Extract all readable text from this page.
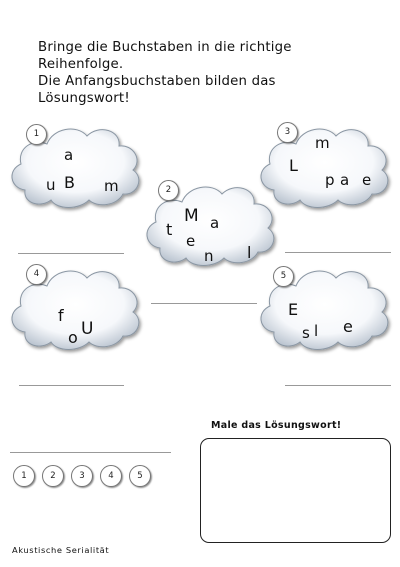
Bringe die Buchstaben in die richtige
Reihenfolge.
Die Anfangsbuchstaben bilden das
Lösungswort!
1
a
u B m	2
M a
t
e
n l
3
m
L
p a e
4
f
o U
5
E
s l e
1	2	3	4	5
Male das Lösungswort!
Akustische Serialität
